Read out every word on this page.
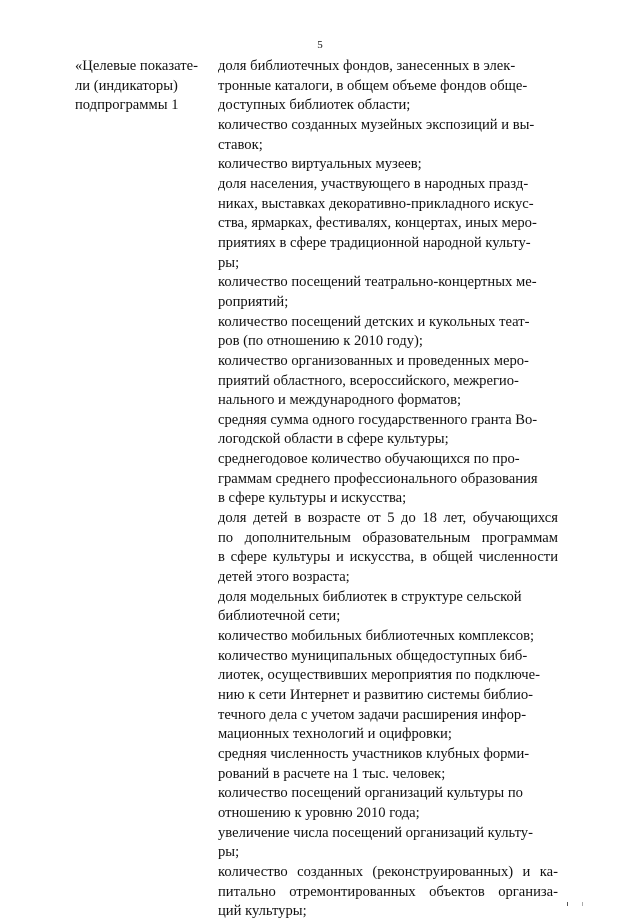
5
«Целевые показате-
ли (индикаторы)
подпрограммы 1
доля библиотечных фондов, занесенных в элек-
тронные каталоги, в общем объеме фондов обще-
доступных библиотек области;
количество созданных музейных экспозиций и вы-
ставок;
количество виртуальных музеев;
доля населения, участвующего в народных празд-
никах, выставках декоративно-прикладного искус-
ства, ярмарках, фестивалях, концертах, иных меро-
приятиях в сфере традиционной народной культу-
ры;
количество посещений театрально-концертных ме-
роприятий;
количество посещений детских и кукольных теат-
ров (по отношению к 2010 году);
количество организованных и проведенных меро-
приятий областного, всероссийского, межрегио-
нального и международного форматов;
средняя сумма одного государственного гранта Во-
логодской области в сфере культуры;
среднегодовое количество обучающихся по про-
граммам среднего профессионального образования
в сфере культуры и искусства;
доля детей в возрасте от 5 до 18 лет, обучающихся
по дополнительным образовательным программам
в сфере культуры и искусства, в общей численности
детей этого возраста;
доля модельных библиотек в структуре сельской
библиотечной сети;
количество мобильных библиотечных комплексов;
количество муниципальных общедоступных биб-
лиотек, осуществивших мероприятия по подключе-
нию к сети Интернет и развитию системы библио-
течного дела с учетом задачи расширения инфор-
мационных технологий и оцифровки;
средняя численность участников клубных форми-
рований в расчете на 1 тыс. человек;
количество посещений организаций культуры по
отношению к уровню 2010 года;
увеличение числа посещений организаций культу-
ры;
количество созданных (реконструированных) и ка-
питально отремонтированных объектов организа-
ций культуры;
